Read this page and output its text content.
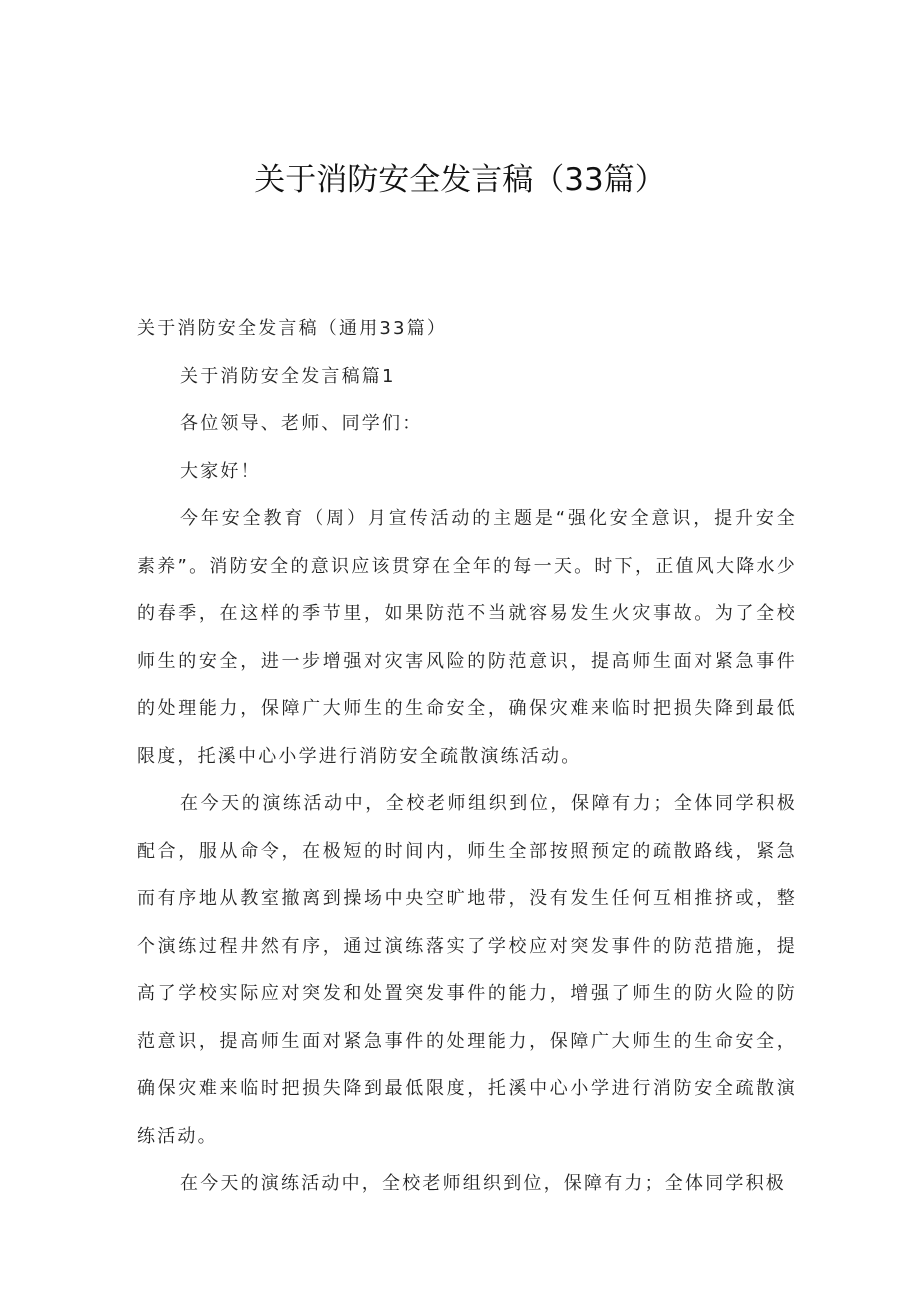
关于消防安全发言稿（33篇）

关于消防安全发言稿（通用33篇）

关于消防安全发言稿篇1

各位领导、老师、同学们：

大家好！

今年安全教育（周）月宣传活动的主题是“强化安全意识，提升安全素养”。消防安全的意识应该贯穿在全年的每一天。时下，正值风大降水少的春季，在这样的季节里，如果防范不当就容易发生火灾事故。为了全校师生的安全，进一步增强对灾害风险的防范意识，提高师生面对紧急事件的处理能力，保障广大师生的生命安全，确保灾难来临时把损失降到最低限度，托溪中心小学进行消防安全疏散演练活动。

在今天的演练活动中，全校老师组织到位，保障有力；全体同学积极配合，服从命令，在极短的时间内，师生全部按照预定的疏散路线，紧急而有序地从教室撤离到操场中央空旷地带，没有发生任何互相推挤或，整个演练过程井然有序，通过演练落实了学校应对突发事件的防范措施，提高了学校实际应对突发和处置突发事件的能力，增强了师生的防火险的防范意识，提高师生面对紧急事件的处理能力，保障广大师生的生命安全，确保灾难来临时把损失降到最低限度，托溪中心小学进行消防安全疏散演练活动。

在今天的演练活动中，全校老师组织到位，保障有力；全体同学积极
